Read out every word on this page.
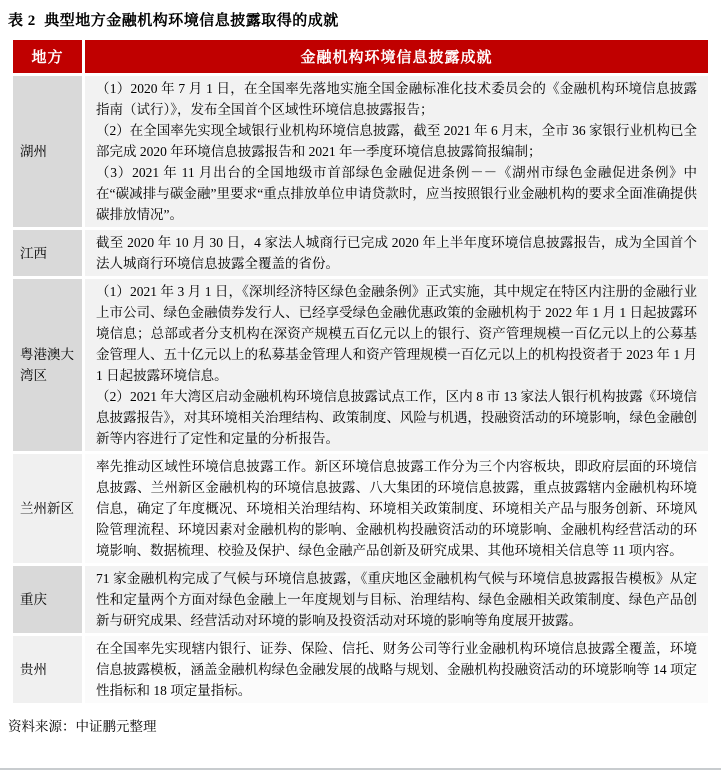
表 2  典型地方金融机构环境信息披露取得的成就
地方	金融机构环境信息披露成就
湖州	（1）2020 年 7 月 1 日，在全国率先落地实施全国金融标准化技术委员会的《金融机构环境信息披露指南（试行）》，发布全国首个区域性环境信息披露报告；

（2）在全国率先实现全域银行业机构环境信息披露，截至 2021 年 6 月末，全市 36 家银行业机构已全部完成 2020 年环境信息披露报告和 2021 年一季度环境信息披露简报编制；

（3）2021 年 11 月出台的全国地级市首部绿色金融促进条例－－《湖州市绿色金融促进条例》中在“碳减排与碳金融”里要求“重点排放单位申请贷款时，应当按照银行业金融机构的要求全面准确提供碳排放情况”。

江西	截至 2020 年 10 月 30 日，4 家法人城商行已完成 2020 年上半年度环境信息披露报告，成为全国首个法人城商行环境信息披露全覆盖的省份。

粤港澳大湾区	（1）2021 年 3 月 1 日，《深圳经济特区绿色金融条例》正式实施，其中规定在特区内注册的金融行业上市公司、绿色金融债券发行人、已经享受绿色金融优惠政策的金融机构于 2022 年 1 月 1 日起披露环境信息；总部或者分支机构在深资产规模五百亿元以上的银行、资产管理规模一百亿元以上的公募基金管理人、五十亿元以上的私募基金管理人和资产管理规模一百亿元以上的机构投资者于 2023 年 1 月 1 日起披露环境信息。

（2）2021 年大湾区启动金融机构环境信息披露试点工作，区内 8 市 13 家法人银行机构披露《环境信息披露报告》，对其环境相关治理结构、政策制度、风险与机遇，投融资活动的环境影响，绿色金融创新等内容进行了定性和定量的分析报告。

兰州新区	率先推动区域性环境信息披露工作。新区环境信息披露工作分为三个内容板块，即政府层面的环境信息披露、兰州新区金融机构的环境信息披露、八大集团的环境信息披露，重点披露辖内金融机构环境信息，确定了年度概况、环境相关治理结构、环境相关政策制度、环境相关产品与服务创新、环境风险管理流程、环境因素对金融机构的影响、金融机构投融资活动的环境影响、金融机构经营活动的环境影响、数据梳理、校验及保护、绿色金融产品创新及研究成果、其他环境相关信息等 11 项内容。

重庆	71 家金融机构完成了气候与环境信息披露，《重庆地区金融机构气候与环境信息披露报告模板》从定性和定量两个方面对绿色金融上一年度规划与目标、治理结构、绿色金融相关政策制度、绿色产品创新与研究成果、经营活动对环境的影响及投资活动对环境的影响等角度展开披露。

贵州	在全国率先实现辖内银行、证券、保险、信托、财务公司等行业金融机构环境信息披露全覆盖，环境信息披露模板，涵盖金融机构绿色金融发展的战略与规划、金融机构投融资活动的环境影响等 14 项定性指标和 18 项定量指标。

资料来源：中证鹏元整理
